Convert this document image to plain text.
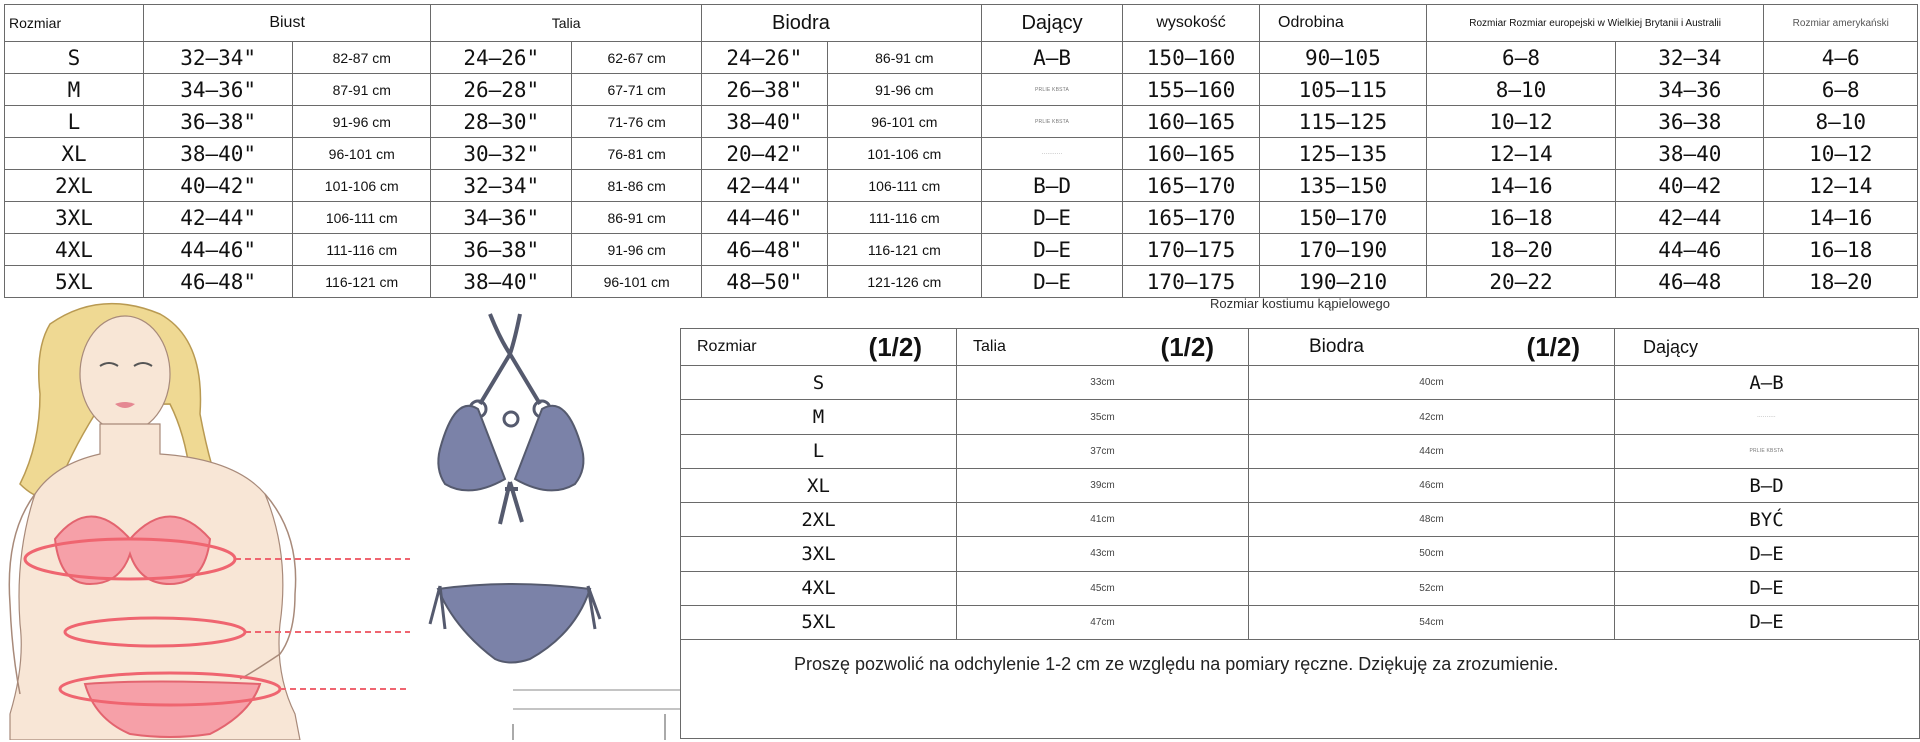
Rozmiar	Biust		Talia		Biodra		Dający	wysokość	Odrobina	Rozmiar Rozmiar europejski w Wielkiej Brytanii i Australii		Rozmiar amerykański
S	32–34"	82-87 cm	24–26"	62-67 cm	24–26"	86-91 cm	A–B	150–160	90–105	6–8	32–34	4–6
M	34–36"	87-91 cm	26–28"	67-71 cm	26–38"	91-96 cm	PRLIE KBSTA	155–160	105–115	8–10	34–36	6–8
L	36–38"	91-96 cm	28–30"	71-76 cm	38–40"	96-101 cm	PRLIE KBSTA	160–165	115–125	10–12	36–38	8–10
XL	38–40"	96-101 cm	30–32"	76-81 cm	20–42"	101-106 cm	···········	160–165	125–135	12–14	38–40	10–12
2XL	40–42"	101-106 cm	32–34"	81-86 cm	42–44"	106-111 cm	B–D	165–170	135–150	14–16	40–42	12–14
3XL	42–44"	106-111 cm	34–36"	86-91 cm	44–46"	111-116 cm	D–E	165–170	150–170	16–18	42–44	14–16
4XL	44–46"	111-116 cm	36–38"	91-96 cm	46–48"	116-121 cm	D–E	170–175	170–190	18–20	44–46	16–18
5XL	46–48"	116-121 cm	38–40"	96-101 cm	48–50"	121-126 cm	D–E	170–175	190–210	20–22	46–48	18–20
Rozmiar kostiumu kąpielowego
Rozmiar (1/2)	Talia (1/2)	Biodra (1/2)	Dający

S	33cm	40cm	A–B
M	35cm	42cm	··········
L	37cm	44cm	PRLIE KBSTA
XL	39cm	46cm	B–D
2XL	41cm	48cm	BYĆ
3XL	43cm	50cm	D–E
4XL	45cm	52cm	D–E
5XL	47cm	54cm	D–E
Proszę pozwolić na odchylenie 1-2 cm ze względu na pomiary ręczne. Dziękuję za zrozumienie.
